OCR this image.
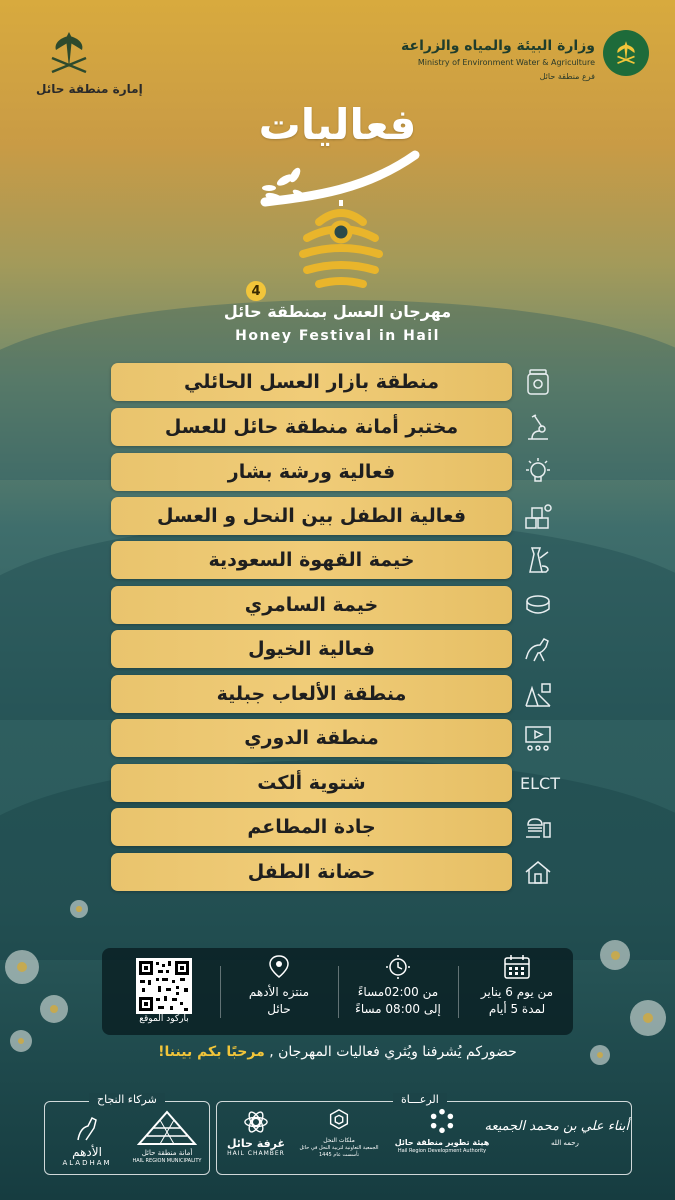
إمارة منطقة حائل
وزارة البيئة والمياه والزراعة
Ministry of Environment Water & Agriculture
فرع منطقة حائل
فعاليات
4
مهرجان العسل بمنطقة حائل
Honey Festival in Hail
منطقة بازار العسل الحائلي
مختبر أمانة منطقة حائل للعسل
فعالية ورشة بشار
فعالية الطفل بين النحل و العسل
خيمة القهوة السعودية
خيمة السامري
فعالية الخيول
منطقة الألعاب جبلية
منطقة الدوري
شتوية ألكت
جادة المطاعم
حضانة الطفل
ELCT
باركود الموقع
منتزه الأدهم
حائل
من 02:00مساءً
إلى 08:00 مساءً
من يوم 6 يناير
لمدة 5 أيام
حضوركم يُشرفنا ويُثري فعاليات المهرجان , مرحبًا بكم بيننا!
شركاء النجاح
أمانة منطقة حائل
HAIL REGION MUNICIPALITY
الأدهم
ALADHAM
الرعـــاة
أبناء علي بن محمد الجميعه
رحمه الله
هيئة تطوير منطقة حائل
Hail Region Development Authority
ملكات النحل
الجمعية التعاونية لتربية النحل في حائل
تأسست عام 1445
غرفة حائل
HAIL CHAMBER
